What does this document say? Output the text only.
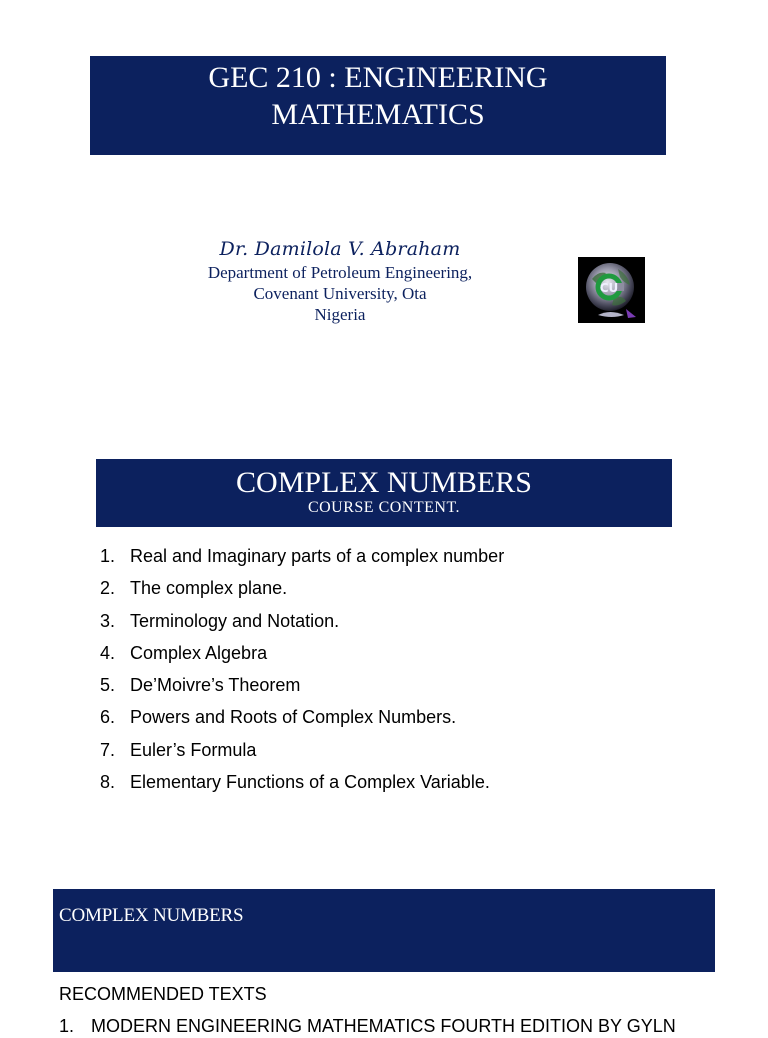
GEC 210 : ENGINEERING
MATHEMATICS
Dr. Damilola V. Abraham
Department of Petroleum Engineering,
Covenant University, Ota
Nigeria
CU
COMPLEX NUMBERS
COURSE CONTENT.
1. Real and Imaginary parts of a complex number
2. The complex plane.
3. Terminology and Notation.
4. Complex Algebra
5. De’Moivre’s Theorem
6. Powers and Roots of Complex Numbers.
7. Euler’s Formula
8. Elementary Functions of a Complex Variable.
COMPLEX NUMBERS
RECOMMENDED TEXTS
1. MODERN ENGINEERING MATHEMATICS FOURTH EDITION BY GYLN
